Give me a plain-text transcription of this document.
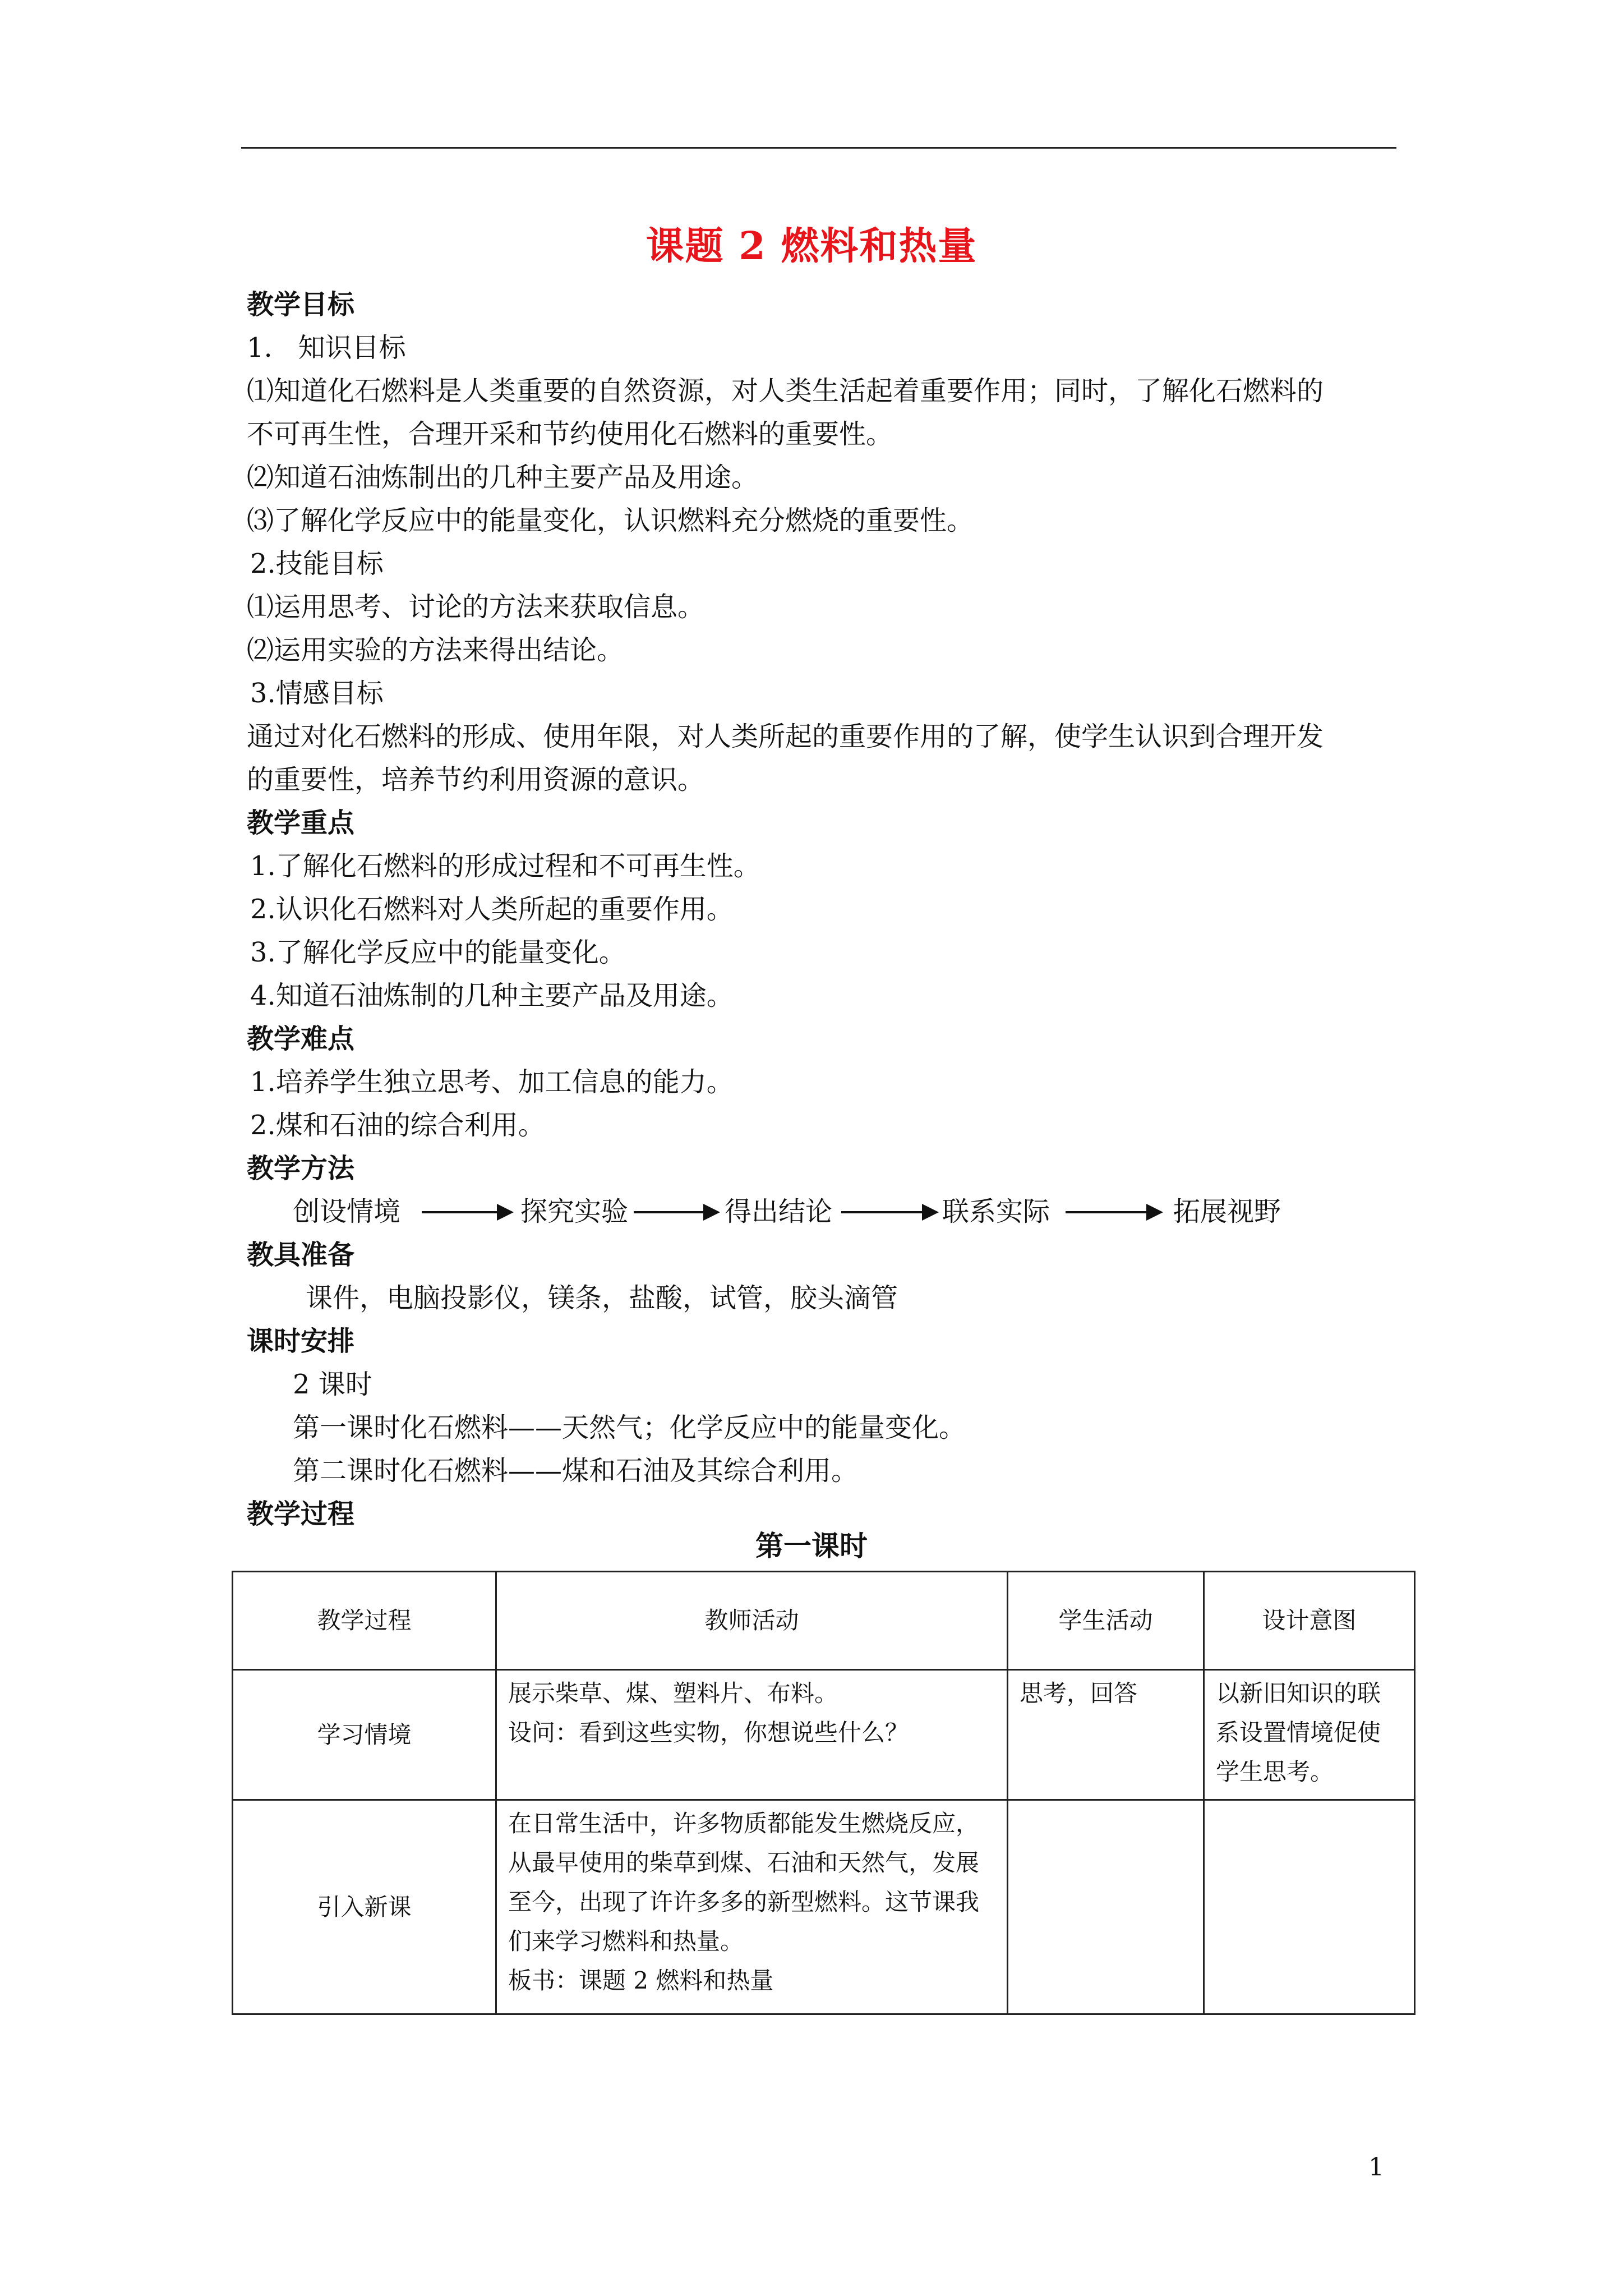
课题 2 燃料和热量
教学目标
1.   知识目标
⑴知道化石燃料是人类重要的自然资源，对人类生活起着重要作用；同时，了解化石燃料的
不可再生性，合理开采和节约使用化石燃料的重要性。
⑵知道石油炼制出的几种主要产品及用途。
⑶了解化学反应中的能量变化，认识燃料充分燃烧的重要性。
2.技能目标
⑴运用思考、讨论的方法来获取信息。
⑵运用实验的方法来得出结论。
3.情感目标
通过对化石燃料的形成、使用年限，对人类所起的重要作用的了解，使学生认识到合理开发
的重要性，培养节约利用资源的意识。
教学重点
1.了解化石燃料的形成过程和不可再生性。
2.认识化石燃料对人类所起的重要作用。
3.了解化学反应中的能量变化。
4.知道石油炼制的几种主要产品及用途。
教学难点
1.培养学生独立思考、加工信息的能力。
2.煤和石油的综合利用。
教学方法
创设情境	探究实验	得出结论	联系实际	拓展视野
教具准备
课件，电脑投影仪，镁条，盐酸，试管，胶头滴管
课时安排
2 课时
第一课时化石燃料——天然气；化学反应中的能量变化。
第二课时化石燃料——煤和石油及其综合利用。
教学过程
第一课时
教学过程	教师活动	学生活动	设计意图
学习情境	展示柴草、煤、塑料片、布料。
设问：看到这些实物，你想说些什么？	思考，回答	以新旧知识的联系设置情境促使学生思考。
引入新课	在日常生活中，许多物质都能发生燃烧反应，从最早使用的柴草到煤、石油和天然气，发展至今，出现了许许多多的新型燃料。这节课我们来学习燃料和热量。
板书：课题 2 燃料和热量		

1
